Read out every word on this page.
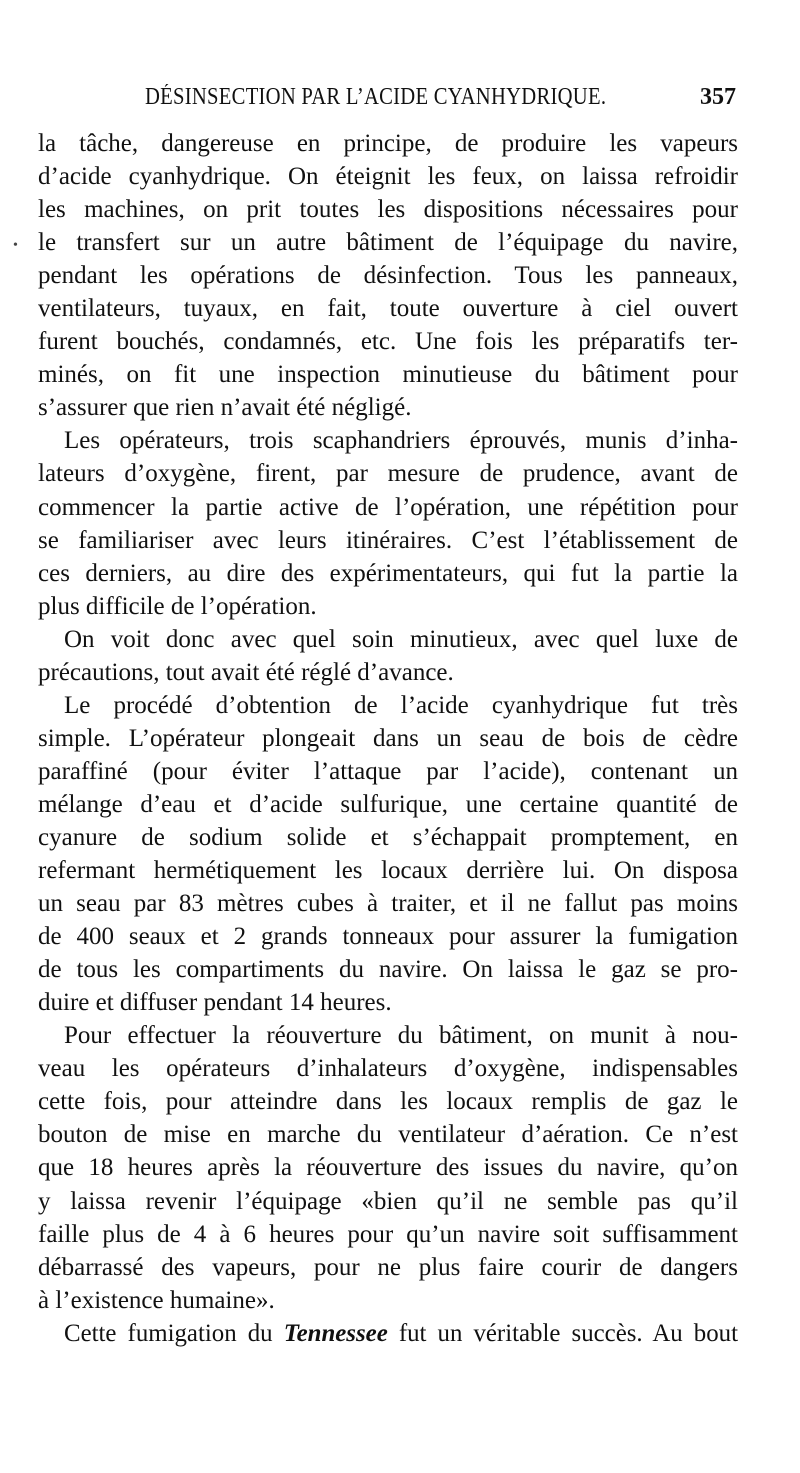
•
DÉSINSECTION PAR L’ACIDE CYANHYDRIQUE.	357

la tâche, dangereuse en principe, de produire les vapeurs

d’acide cyanhydrique. On éteignit les feux, on laissa refroidir

les machines, on prit toutes les dispositions nécessaires pour

le transfert sur un autre bâtiment de l’équipage du navire,

pendant les opérations de désinfection. Tous les panneaux,

ventilateurs, tuyaux, en fait, toute ouverture à ciel ouvert

furent bouchés, condamnés, etc. Une fois les préparatifs ter-

minés, on fit une inspection minutieuse du bâtiment pour

s’assurer que rien n’avait été négligé.

Les opérateurs, trois scaphandriers éprouvés, munis d’inha-

lateurs d’oxygène, firent, par mesure de prudence, avant de

commencer la partie active de l’opération, une répétition pour

se familiariser avec leurs itinéraires. C’est l’établissement de

ces derniers, au dire des expérimentateurs, qui fut la partie la

plus difficile de l’opération.

On voit donc avec quel soin minutieux, avec quel luxe de

précautions, tout avait été réglé d’avance.

Le procédé d’obtention de l’acide cyanhydrique fut très

simple. L’opérateur plongeait dans un seau de bois de cèdre

paraffiné (pour éviter l’attaque par l’acide), contenant un

mélange d’eau et d’acide sulfurique, une certaine quantité de

cyanure de sodium solide et s’échappait promptement, en

refermant hermétiquement les locaux derrière lui. On disposa

un seau par 83 mètres cubes à traiter, et il ne fallut pas moins

de 400 seaux et 2 grands tonneaux pour assurer la fumigation

de tous les compartiments du navire. On laissa le gaz se pro-

duire et diffuser pendant 14 heures.

Pour effectuer la réouverture du bâtiment, on munit à nou-

veau les opérateurs d’inhalateurs d’oxygène, indispensables

cette fois, pour atteindre dans les locaux remplis de gaz le

bouton de mise en marche du ventilateur d’aération. Ce n’est

que 18 heures après la réouverture des issues du navire, qu’on

y laissa revenir l’équipage «bien qu’il ne semble pas qu’il

faille plus de 4 à 6 heures pour qu’un navire soit suffisamment

débarrassé des vapeurs, pour ne plus faire courir de dangers

à l’existence humaine».

Cette fumigation du Tennessee fut un véritable succès. Au bout
